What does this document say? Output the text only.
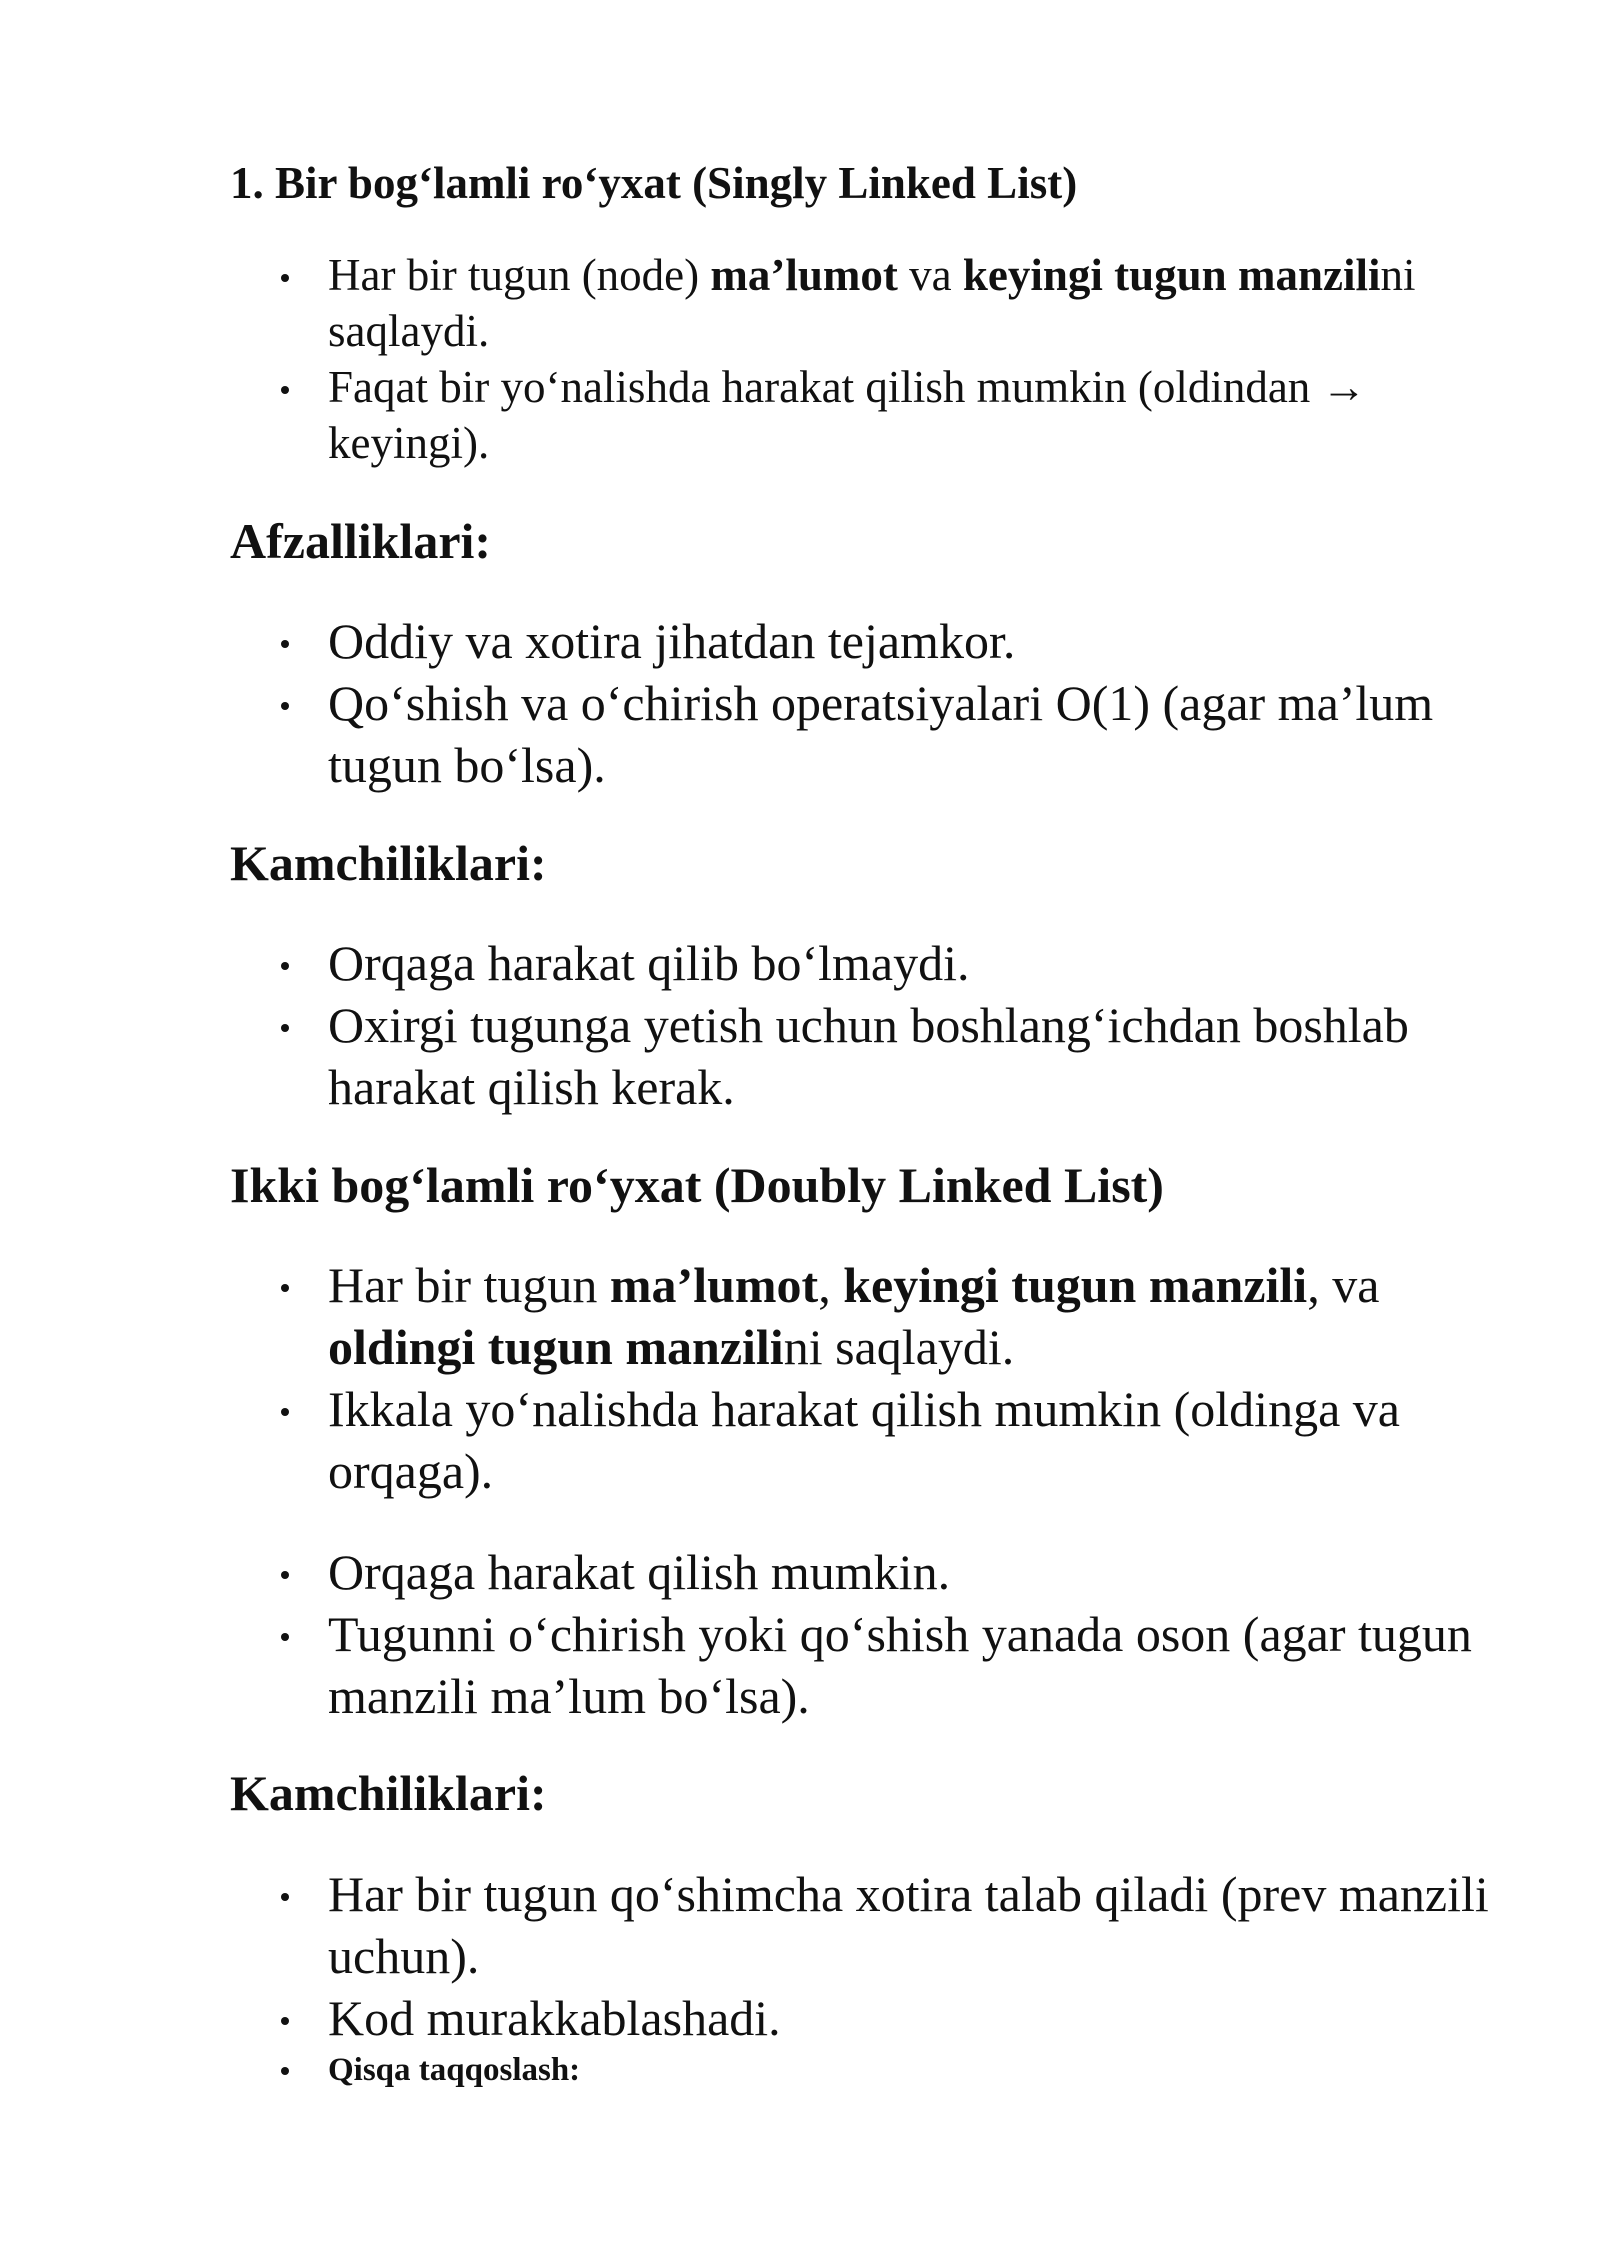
1. Bir bog‘lamli ro‘yxat (Singly Linked List)
Har bir tugun (node) ma’lumot va keyingi tugun manzilini saqlaydi.
Faqat bir yo‘nalishda harakat qilish mumkin (oldindan → keyingi).
Afzalliklari:
Oddiy va xotira jihatdan tejamkor.
Qo‘shish va o‘chirish operatsiyalari O(1) (agar ma’lum tugun bo‘lsa).
Kamchiliklari:
Orqaga harakat qilib bo‘lmaydi.
Oxirgi tugunga yetish uchun boshlang‘ichdan boshlab harakat qilish kerak.
Ikki bog‘lamli ro‘yxat (Doubly Linked List)
Har bir tugun ma’lumot, keyingi tugun manzili, va oldingi tugun manzilini saqlaydi.
Ikkala yo‘nalishda harakat qilish mumkin (oldinga va orqaga).
Orqaga harakat qilish mumkin.
Tugunni o‘chirish yoki qo‘shish yanada oson (agar tugun manzili ma’lum bo‘lsa).
Kamchiliklari:
Har bir tugun qo‘shimcha xotira talab qiladi (prev manzili uchun).
Kod murakkablashadi.
Qisqa taqqoslash:
